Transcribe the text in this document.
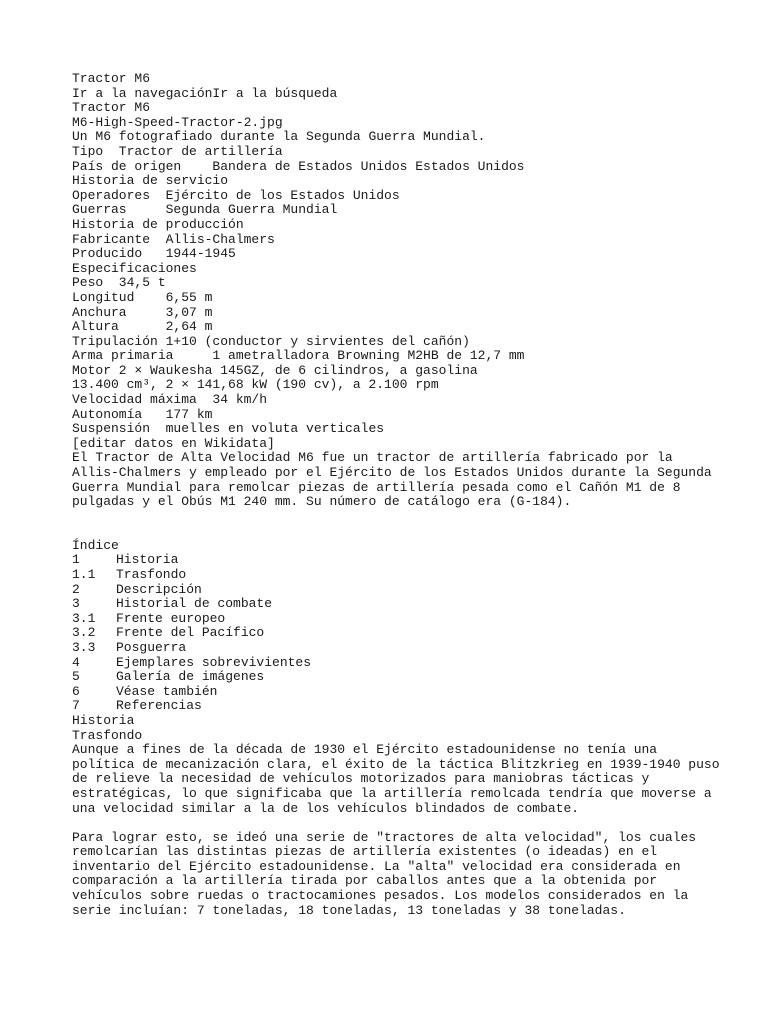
Tractor M6
Ir a la navegaciónIr a la búsqueda
Tractor M6
M6-High-Speed-Tractor-2.jpg
Un M6 fotografiado durante la Segunda Guerra Mundial.
Tipo  Tractor de artillería
País de origen    Bandera de Estados Unidos Estados Unidos
Historia de servicio
Operadores  Ejército de los Estados Unidos
Guerras     Segunda Guerra Mundial
Historia de producción
Fabricante  Allis-Chalmers
Producido   1944-1945
Especificaciones
Peso  34,5 t
Longitud    6,55 m
Anchura     3,07 m
Altura      2,64 m
Tripulación 1+10 (conductor y sirvientes del cañón)
Arma primaria     1 ametralladora Browning M2HB de 12,7 mm
Motor 2 × Waukesha 145GZ, de 6 cilindros, a gasolina
13.400 cm³, 2 × 141,68 kW (190 cv), a 2.100 rpm
Velocidad máxima  34 km/h
Autonomía   177 km
Suspensión  muelles en voluta verticales
[editar datos en Wikidata]
El Tractor de Alta Velocidad M6 fue un tractor de artillería fabricado por la
Allis-Chalmers y empleado por el Ejército de los Estados Unidos durante la Segunda
Guerra Mundial para remolcar piezas de artillería pesada como el Cañón M1 de 8
pulgadas y el Obús M1 240 mm. Su número de catálogo era (G-184).
Índice
1	Historia
1.1	Trasfondo
2	Descripción
3	Historial de combate
3.1	Frente europeo
3.2	Frente del Pacífico
3.3	Posguerra
4	Ejemplares sobrevivientes
5	Galería de imágenes
6	Véase también
7	Referencias
Historia
Trasfondo
Aunque a fines de la década de 1930 el Ejército estadounidense no tenía una
política de mecanización clara, el éxito de la táctica Blitzkrieg en 1939-1940 puso
de relieve la necesidad de vehículos motorizados para maniobras tácticas y
estratégicas, lo que significaba que la artillería remolcada tendría que moverse a
una velocidad similar a la de los vehículos blindados de combate.
Para lograr esto, se ideó una serie de "tractores de alta velocidad", los cuales
remolcarían las distintas piezas de artillería existentes (o ideadas) en el
inventario del Ejército estadounidense. La "alta" velocidad era considerada en
comparación a la artillería tirada por caballos antes que a la obtenida por
vehículos sobre ruedas o tractocamiones pesados. Los modelos considerados en la
serie incluían: 7 toneladas, 18 toneladas, 13 toneladas y 38 toneladas.
